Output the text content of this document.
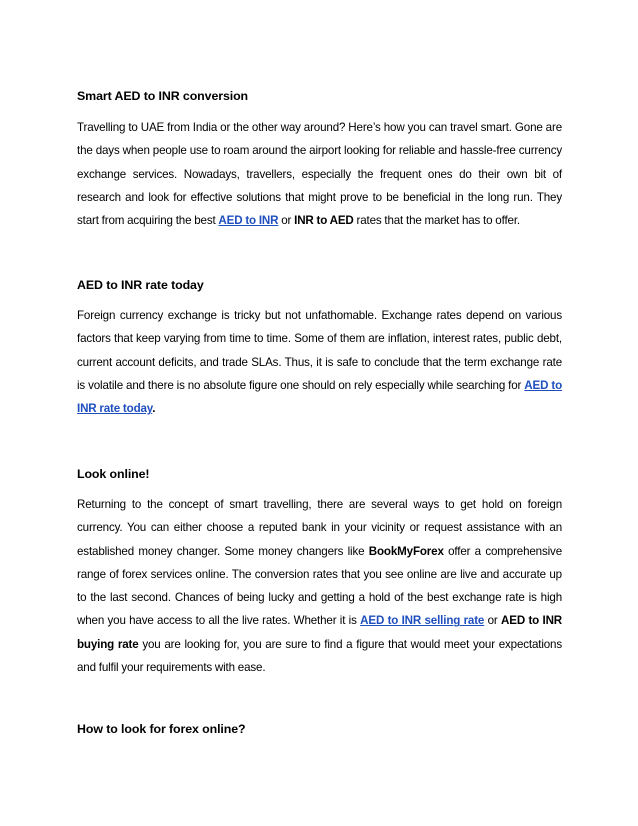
Smart AED to INR conversion

Travelling to UAE from India or the other way around? Here’s how you can travel smart. Gone are the days when people use to roam around the airport looking for reliable and hassle-free currency exchange services. Nowadays, travellers, especially the frequent ones do their own bit of research and look for effective solutions that might prove to be beneficial in the long run. They start from acquiring the best AED to INR or INR to AED rates that the market has to offer.

AED to INR rate today

Foreign currency exchange is tricky but not unfathomable. Exchange rates depend on various factors that keep varying from time to time. Some of them are inflation, interest rates, public debt, current account deficits, and trade SLAs. Thus, it is safe to conclude that the term exchange rate is volatile and there is no absolute figure one should on rely especially while searching for AED to INR rate today.

Look online!

Returning to the concept of smart travelling, there are several ways to get hold on foreign currency. You can either choose a reputed bank in your vicinity or request assistance with an established money changer. Some money changers like BookMyForex offer a comprehensive range of forex services online. The conversion rates that you see online are live and accurate up to the last second. Chances of being lucky and getting a hold of the best exchange rate is high when you have access to all the live rates. Whether it is AED to INR selling rate or AED to INR buying rate you are looking for, you are sure to find a figure that would meet your expectations and fulfil your requirements with ease.

How to look for forex online?
